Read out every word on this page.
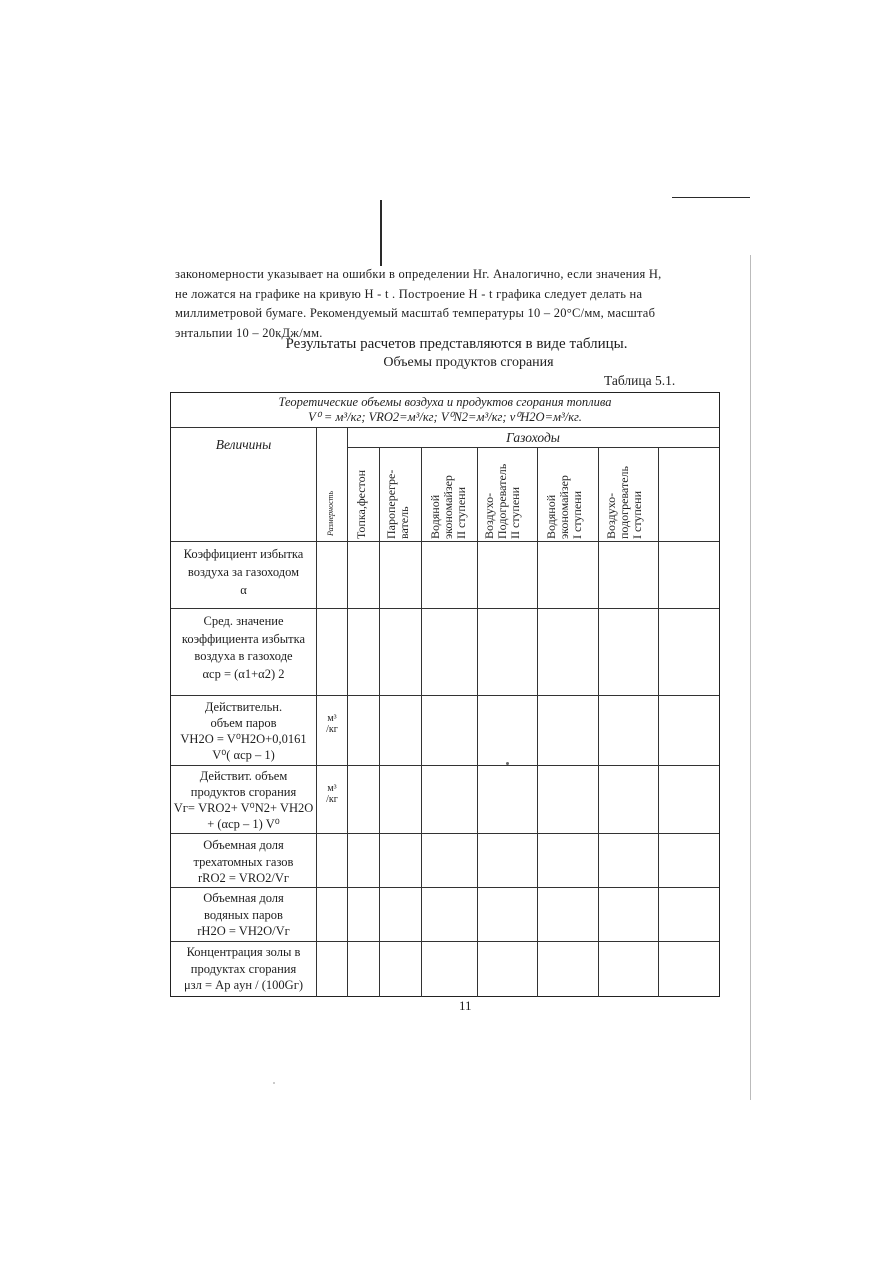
закономерности указывает на ошибки в определении Нг. Аналогично, если значения Н,
не ложатся на графике на кривую Н - t . Построение Н - t графика следует делать на
миллиметровой бумаге. Рекомендуемый масштаб температуры 10 – 20°С/мм, масштаб
энтальпии 10 – 20кДж/мм.
Результаты расчетов представляются в виде таблицы.
Объемы продуктов сгорания
Таблица 5.1.
Теоретические объемы воздуха и продуктов сгорания топлива
V⁰ = м³/кг; VRO2=м³/кг; V⁰N2=м³/кг; v⁰H2O=м³/кг.
Величины
Размерность
Газоходы
Топка,фестон Пароперегре-
ватель Водяной
экономайзер
II ступени Воздухо-
Подогреватель
II ступени Водяной
экономайзер
I ступени Воздухо-
подогреватель
I ступени
Коэффициент избытка
воздуха за газоходом
α
Сред. значение
коэффициента избытка
воздуха в газоходе
αср = (α1+α2) 2
Действительн.
объем паров
VH2O = V⁰H2O+0,0161
V⁰( αср – 1)
м³
/кг
Действит. объем
продуктов сгорания
Vг= VRO2+ V⁰N2+ VH2O
+ (αср – 1) V⁰
м³
/кг
Объемная доля
трехатомных газов
rRO2 = VRO2/Vг
Объемная доля
водяных паров
rH2O = VH2O/Vг
Концентрация золы в
продуктах сгорания
μзл = Aр aун / (100Gг)
11
